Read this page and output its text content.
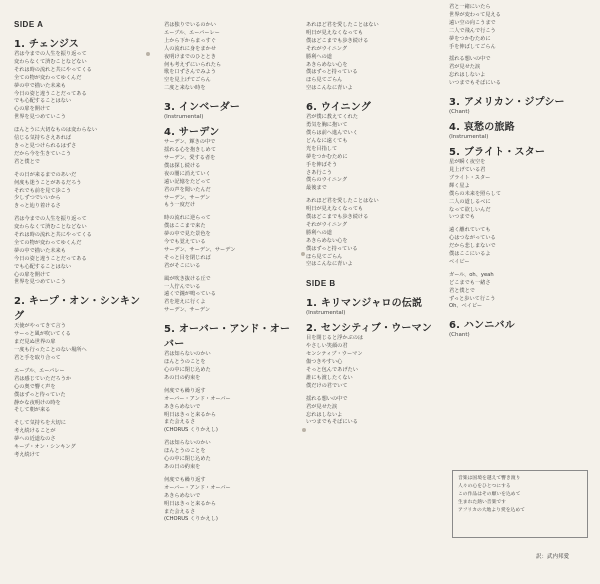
SIDE A
1. チェンジス
君は今までの人生を振り返って
変わらなくて済むことなどない
それは時の流れと共にやってくる
全ての物が変わってゆくんだ
夢の中で描いた未来も
今日の姿と違うことだってある
でも心配することはない
心の扉を開けて
世界を見つめていこう
ほんとうに大切なものは変わらない
信じる気持ちさえあれば
きっと見つけられるはずさ
だから今を生きていこう
君と僕とで
その日が来るまでのあいだ
何度も迷うことがあるだろう
それでも前を見て歩こう
少しずつでいいから
きっと辿り着けるさ
君は今までの人生を振り返って
変わらなくて済むことなどない
それは時の流れと共にやってくる
全ての物が変わってゆくんだ
夢の中で描いた未来も
今日の姿と違うことだってある
でも心配することはない
心の扉を開けて
世界を見つめていこう
2. キープ・オン・シンキング
天使がやってきて言う
サーっと風が吹いてくる
まだ見ぬ世界の扉
一度も行ったことのない場所へ
君と手を取り合って
エーブル、エーバレー
君は感じていただろうか
心の奥で響く声を
僕はずっと待っていた
静かな夜明けの時を
そして朝が来る
そして気持ちを大切に
考え続けることが
夢への近道なのさ
キープ・オン・シンキング
考え続けて
君は独りでいるのかい
エーブル、エーバーレー
上から下からまっすぐ
人の流れに身をまかせ
夜明けまでのひととき
何も考えずにいられたら
歌を口ずさんでみよう
空を見上げてごらん
二度と来ない時を
3. インベーダー
(Instrumental)
4. サーデン
サーデン、輝きの中で
揺れる心を抱きしめて
サーデン、愛する者を
僕は探し続ける
夜の闇に消えていく
遠い記憶をたどって
君の声を聞いたんだ
サーデン、サーデン
もう一度だけ
時の流れに逆らって
僕はここまで来た
夢の中で見た景色を
今でも覚えている
サーデン、サーデン、サーデン
そっと目を閉じれば
君がそこにいる
風が吹き抜ける丘で
一人佇んでいる
遠くで鐘が鳴っている
君を迎えに行くよ
サーデン、サーデン
5. オーバー・アンド・オーバー
君は知らないのかい
ほんとうのことを
心の中に閉じ込めた
あの日の約束を
何度でも繰り返す
オーバー・アンド・オーバー
あきらめないで
明日はきっと来るから
また会えるさ
(CHORUS くりかえし)
君は知らないのかい
ほんとうのことを
心の中に閉じ込めた
あの日の約束を
何度でも繰り返す
オーバー・アンド・オーバー
あきらめないで
明日はきっと来るから
また会えるさ
(CHORUS くりかえし)
あれほど君を愛したことはない
明日が見えなくなっても
僕はどこまでも歩き続ける
それがウイニング
勝利への道
あきらめない心を
僕はずっと持っている
ほら見てごらん
空はこんなに青いよ
6. ウイニング
君が僕に教えてくれた
勇気を胸に抱いて
僕らは前へ進んでいく
どんなに遠くても
光を目指して
夢をつかむために
手を伸ばそう
さあ行こう
僕らのウイニング
最後まで
あれほど君を愛したことはない
明日が見えなくなっても
僕はどこまでも歩き続ける
それがウイニング
勝利への道
あきらめない心を
僕はずっと持っている
ほら見てごらん
空はこんなに青いよ
SIDE B
1. キリマンジャロの伝説
(Instrumental)
2. センシティブ・ウーマン
目を閉じると浮かぶのは
やさしい笑顔の君
センシティブ・ウーマン
傷つきやすい心
そっと包んであげたい
誰にも渡したくない
僕だけの君でいて
揺れる想いの中で
君が見せた涙
忘れはしないよ
いつまでもそばにいる
君と一緒にいたら
世界が変わって見える
遠い空の向こうまで
二人で飛んで行こう
夢をつかむために
手を伸ばしてごらん
揺れる想いの中で
君が見せた涙
忘れはしないよ
いつまでもそばにいる
3. アメリカン・ジプシー
(Chant)
4. 哀愁の旅路
(Instrumental)
5. ブライト・スター
星が瞬く夜空を
見上げている君
ブライト・スター
輝く星よ
僕らの未来を照らして
二人の道しるべに
なって欲しいんだ
いつまでも
遠く離れていても
心はつながっている
だから悲しまないで
僕はここにいるよ
ベイビー
ガール、oh、yeah
どこまでも一緒さ
君と僕とで
ずっと歩いて行こう
Oh、ベイビー
6. ハンニバル
(Chant)
音楽は国境を越えて響き渡り
人々の心をひとつにする
この作品はその願いを込めて
生まれた熱い音楽です
アフリカの大地より愛を込めて
訳：武内邦愛
